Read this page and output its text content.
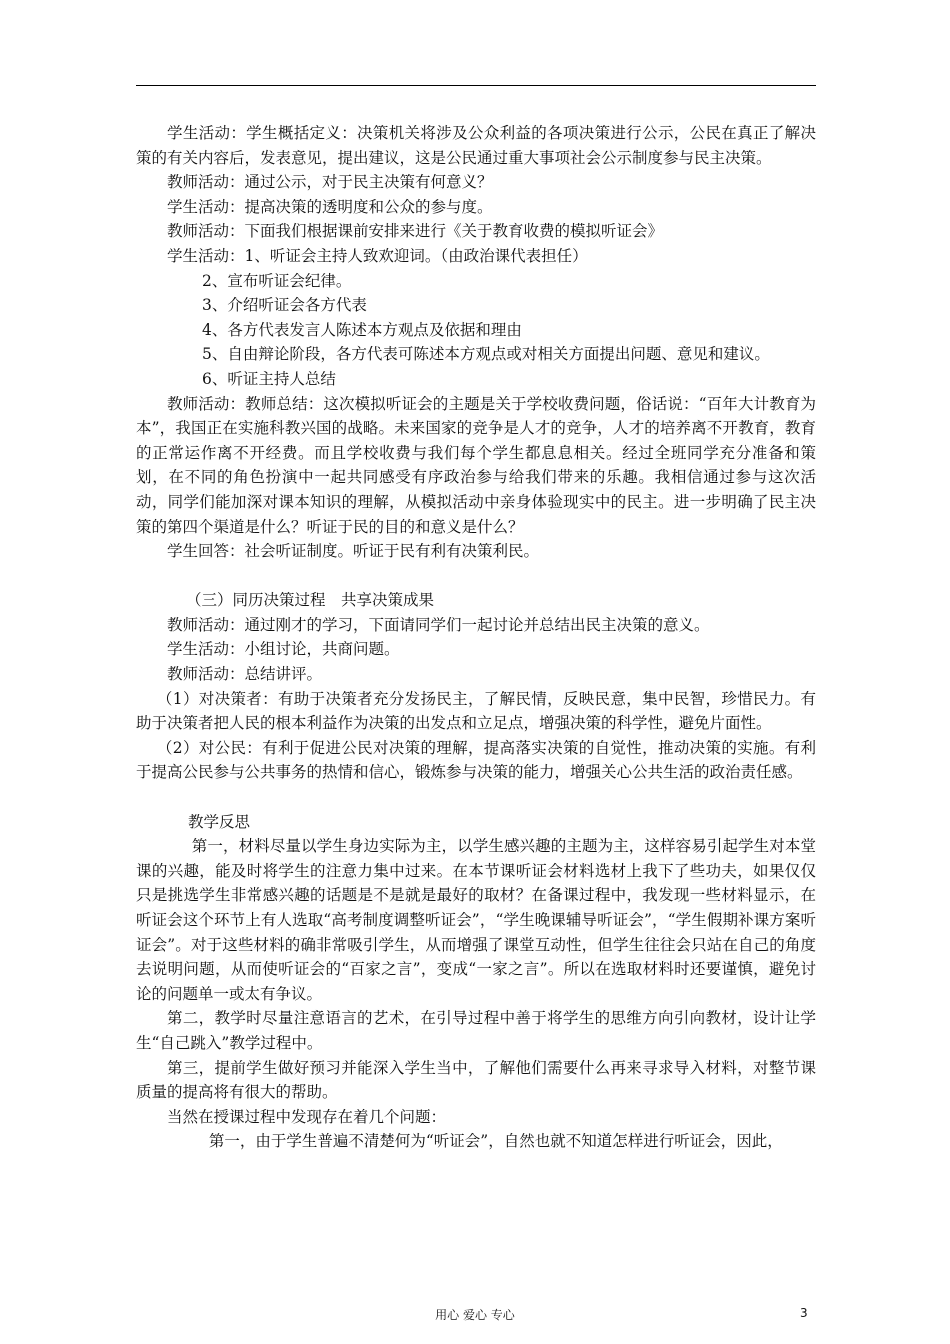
学生活动：学生概括定义：决策机关将涉及公众利益的各项决策进行公示，公民在真正了解决策的有关内容后，发表意见，提出建议，这是公民通过重大事项社会公示制度参与民主决策。

教师活动：通过公示，对于民主决策有何意义？

学生活动：提高决策的透明度和公众的参与度。

教师活动：下面我们根据课前安排来进行《关于教育收费的模拟听证会》

学生活动：1、听证会主持人致欢迎词。（由政治课代表担任）

2、宣布听证会纪律。

3、介绍听证会各方代表

4、各方代表发言人陈述本方观点及依据和理由

5、自由辩论阶段，各方代表可陈述本方观点或对相关方面提出问题、意见和建议。

6、听证主持人总结

教师活动：教师总结：这次模拟听证会的主题是关于学校收费问题，俗话说：“百年大计教育为本”，我国正在实施科教兴国的战略。未来国家的竞争是人才的竞争，人才的培养离不开教育，教育的正常运作离不开经费。而且学校收费与我们每个学生都息息相关。经过全班同学充分准备和策划，在不同的角色扮演中一起共同感受有序政治参与给我们带来的乐趣。我相信通过参与这次活动，同学们能加深对课本知识的理解，从模拟活动中亲身体验现实中的民主。进一步明确了民主决策的第四个渠道是什么？听证于民的目的和意义是什么？

学生回答：社会听证制度。听证于民有利有决策利民。

（三）同历决策过程　共享决策成果

教师活动：通过刚才的学习，下面请同学们一起讨论并总结出民主决策的意义。

学生活动：小组讨论，共商问题。

教师活动：总结讲评。

（1）对决策者：有助于决策者充分发扬民主，了解民情，反映民意，集中民智，珍惜民力。有助于决策者把人民的根本利益作为决策的出发点和立足点，增强决策的科学性，避免片面性。

（2）对公民：有利于促进公民对决策的理解，提高落实决策的自觉性，推动决策的实施。有利于提高公民参与公共事务的热情和信心，锻炼参与决策的能力，增强关心公共生活的政治责任感。

教学反思

第一，材料尽量以学生身边实际为主，以学生感兴趣的主题为主，这样容易引起学生对本堂课的兴趣，能及时将学生的注意力集中过来。在本节课听证会材料选材上我下了些功夫，如果仅仅只是挑选学生非常感兴趣的话题是不是就是最好的取材？在备课过程中，我发现一些材料显示，在听证会这个环节上有人选取“高考制度调整听证会”，“学生晚课辅导听证会”，“学生假期补课方案听证会”。对于这些材料的确非常吸引学生，从而增强了课堂互动性，但学生往往会只站在自己的角度去说明问题，从而使听证会的“百家之言”，变成“一家之言”。所以在选取材料时还要谨慎，避免讨论的问题单一或太有争议。

第二，教学时尽量注意语言的艺术，在引导过程中善于将学生的思维方向引向教材，设计让学生“自己跳入”教学过程中。

第三，提前学生做好预习并能深入学生当中，了解他们需要什么再来寻求导入材料，对整节课质量的提高将有很大的帮助。

当然在授课过程中发现存在着几个问题：

第一，由于学生普遍不清楚何为“听证会”，自然也就不知道怎样进行听证会，因此，

用心 爱心 专心	3
